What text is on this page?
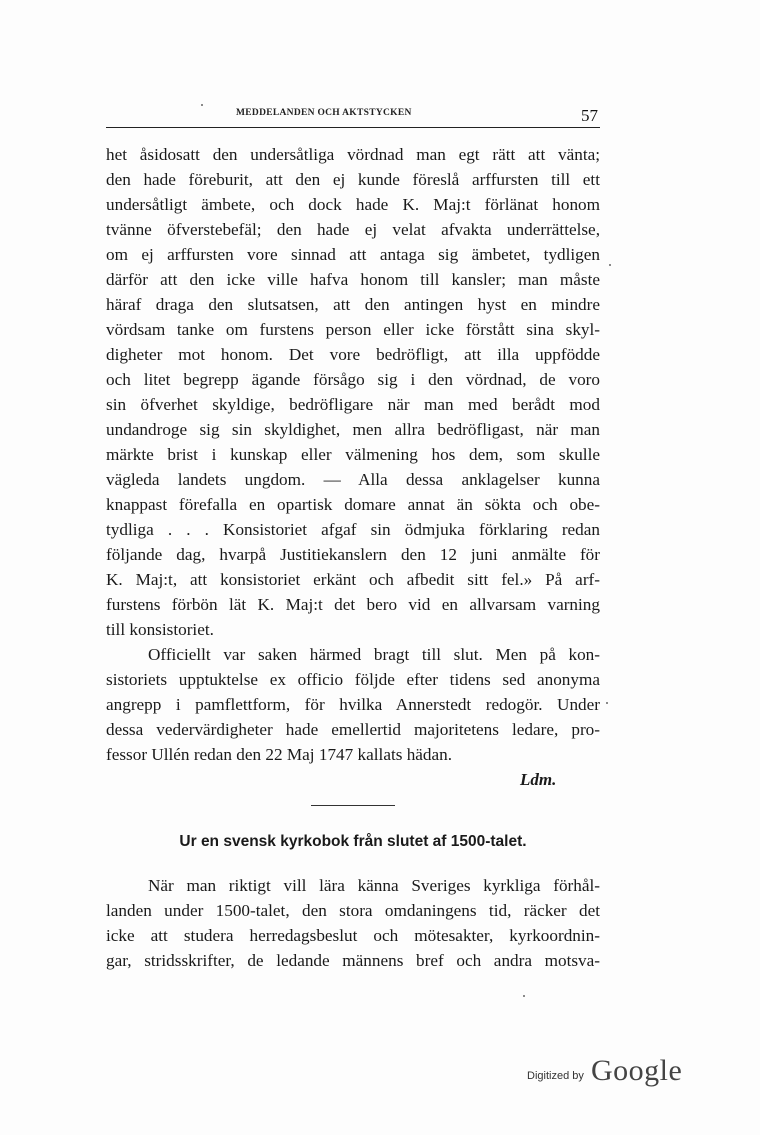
MEDDELANDEN OCH AKTSTYCKEN	57
het åsidosatt den undersåtliga vördnad man egt rätt att vänta;
den hade föreburit, att den ej kunde föreslå arffursten till ett
undersåtligt ämbete, och dock hade K. Maj:t förlänat honom
tvänne öfverstebefäl; den hade ej velat afvakta underrättelse,
om ej arffursten vore sinnad att antaga sig ämbetet, tydligen
därför att den icke ville hafva honom till kansler; man måste
häraf draga den slutsatsen, att den antingen hyst en mindre
vördsam tanke om furstens person eller icke förstått sina skyl-
digheter mot honom. Det vore bedröfligt, att illa uppfödde
och litet begrepp ägande försågo sig i den vördnad, de voro
sin öfverhet skyldige, bedröfligare när man med berådt mod
undandroge sig sin skyldighet, men allra bedröfligast, när man
märkte brist i kunskap eller välmening hos dem, som skulle
vägleda landets ungdom. — Alla dessa anklagelser kunna
knappast förefalla en opartisk domare annat än sökta och obe-
tydliga . . . Konsistoriet afgaf sin ödmjuka förklaring redan
följande dag, hvarpå Justitiekanslern den 12 juni anmälte för
K. Maj:t, att konsistoriet erkänt och afbedit sitt fel.» På arf-
furstens förbön lät K. Maj:t det bero vid en allvarsam varning
till konsistoriet.
Officiellt var saken härmed bragt till slut. Men på kon-
sistoriets upptuktelse ex officio följde efter tidens sed anonyma
angrepp i pamflettform, för hvilka Annerstedt redogör. Under
dessa vedervärdigheter hade emellertid majoritetens ledare, pro-
fessor Ullén redan den 22 Maj 1747 kallats hädan.
Ldm.
Ur en svensk kyrkobok från slutet af 1500-talet.
När man riktigt vill lära känna Sveriges kyrkliga förhål-
landen under 1500-talet, den stora omdaningens tid, räcker det
icke att studera herredagsbeslut och mötesakter, kyrkoordnin-
gar, stridsskrifter, de ledande männens bref och andra motsva-
Digitized by Google
